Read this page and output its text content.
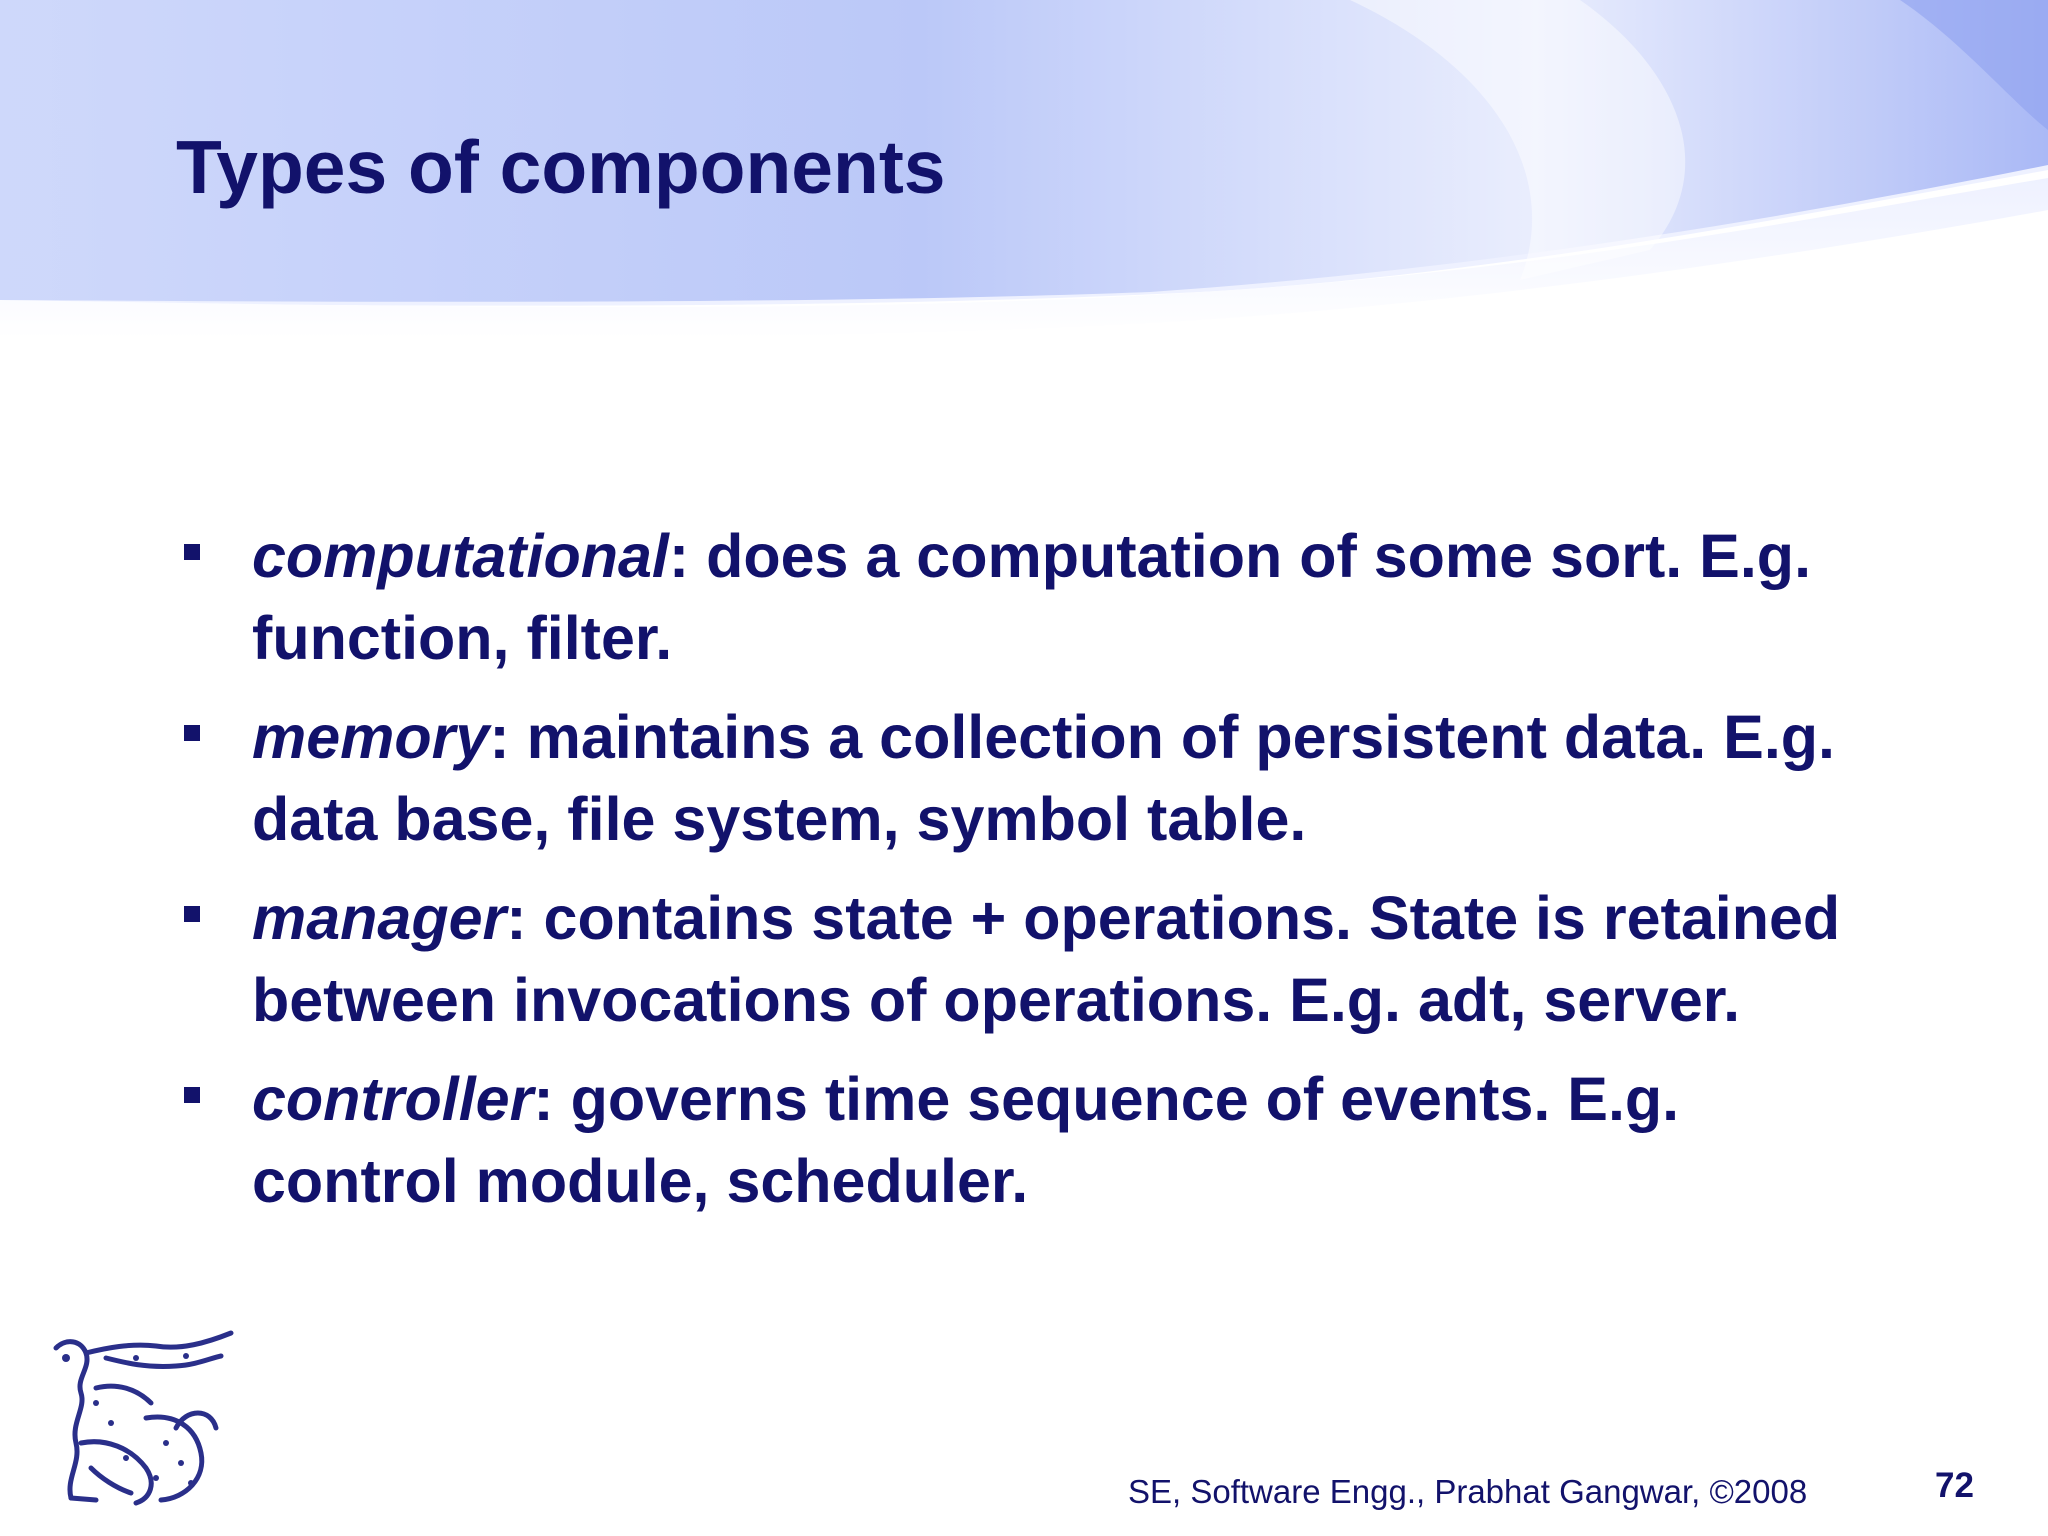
Types of components
computational: does a computation of some sort. E.g. function, filter.
memory: maintains a collection of persistent data. E.g. data base, file system, symbol table.
manager: contains state + operations. State is retained between invocations of operations. E.g. adt, server.
controller: governs time sequence of events. E.g. control module, scheduler.
SE, Software Engg., Prabhat Gangwar, ©2008	72
